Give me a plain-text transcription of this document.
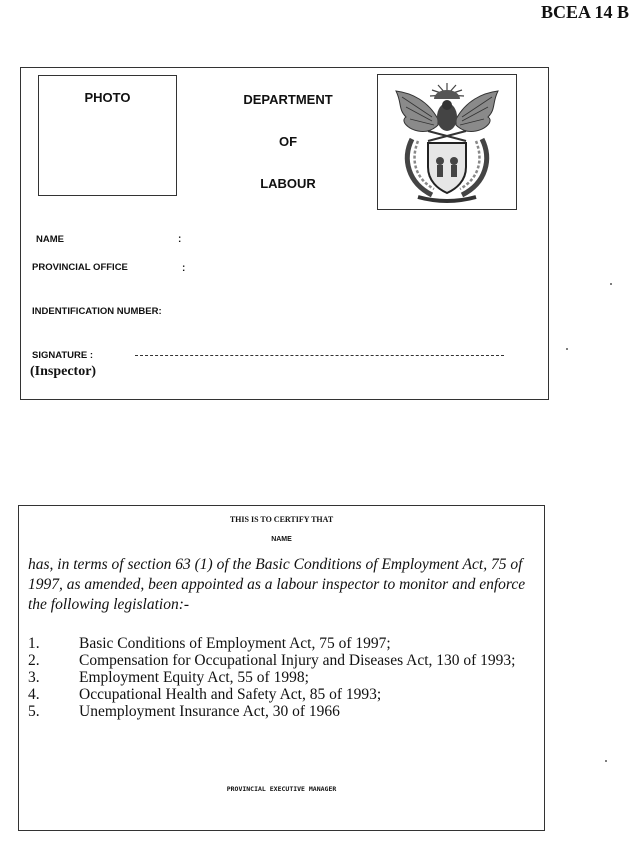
BCEA 14 B
PHOTO	DEPARTMENT
OF
LABOUR
NAME	:
PROVINCIAL OFFICE	:
INDENTIFICATION NUMBER:
SIGNATURE :
(Inspector)
THIS IS TO CERTIFY THAT
NAME
has, in terms of section 63 (1) of the Basic Conditions of Employment Act, 75 of 1997, as amended, been appointed as a labour inspector to monitor and enforce the following legislation:-
1.	Basic Conditions of Employment Act, 75 of 1997;
2.	Compensation for Occupational Injury and Diseases Act, 130 of 1993;
3.	Employment Equity Act, 55 of 1998;
4.	Occupational Health and Safety Act, 85 of 1993;
5.	Unemployment Insurance Act, 30 of 1966
PROVINCIAL EXECUTIVE MANAGER
